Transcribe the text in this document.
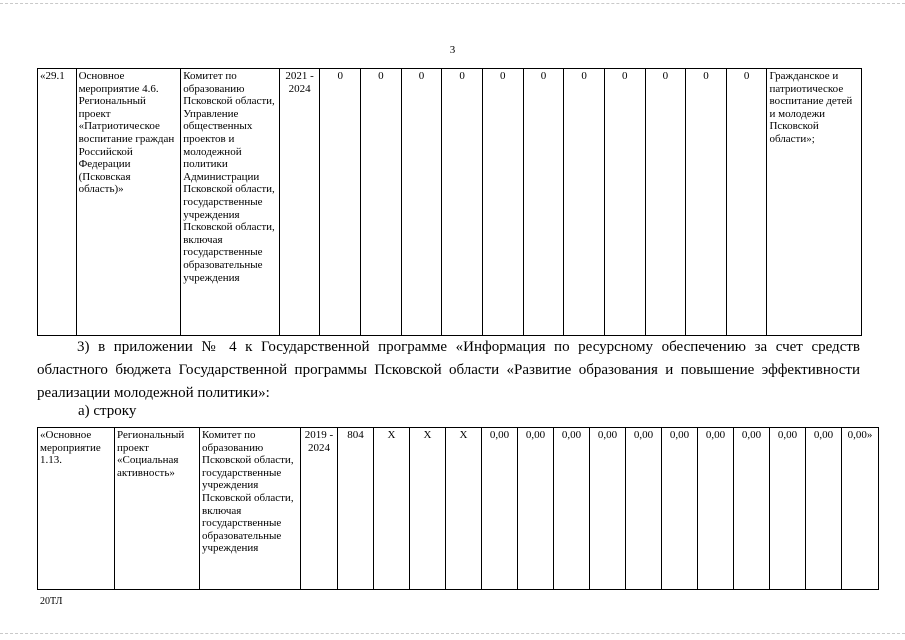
3
«29.1	Основное мероприятие 4.6. Региональный проект «Патриотическое воспитание граждан Российской Федерации (Псковская область)»	Комитет по образованию Псковской области, Управление общественных проектов и молодежной политики Администрации Псковской области, государственные учреждения Псковской области, включая государственные образовательные учреждения	2021 - 2024	0	0	0	0	0	0	0	0	0	0	0	Гражданское и патриотическое воспитание детей и молодежи Псковской области»;

3) в приложении № 4 к Государственной программе «Информация по ресурсному обеспечению за счет средств областного бюджета Государственной программы Псковской области «Развитие образования и повышение эффективности реализации молодежной политики»:

а) строку
«Основное мероприятие 1.13.	Региональный проект «Социальная активность»	Комитет по образованию Псковской области, государственные учреждения Псковской области, включая государственные образовательные учреждения	2019 - 2024	804	X	X	X	0,00	0,00	0,00	0,00	0,00	0,00	0,00	0,00	0,00	0,00	0,00»
20ТЛ
